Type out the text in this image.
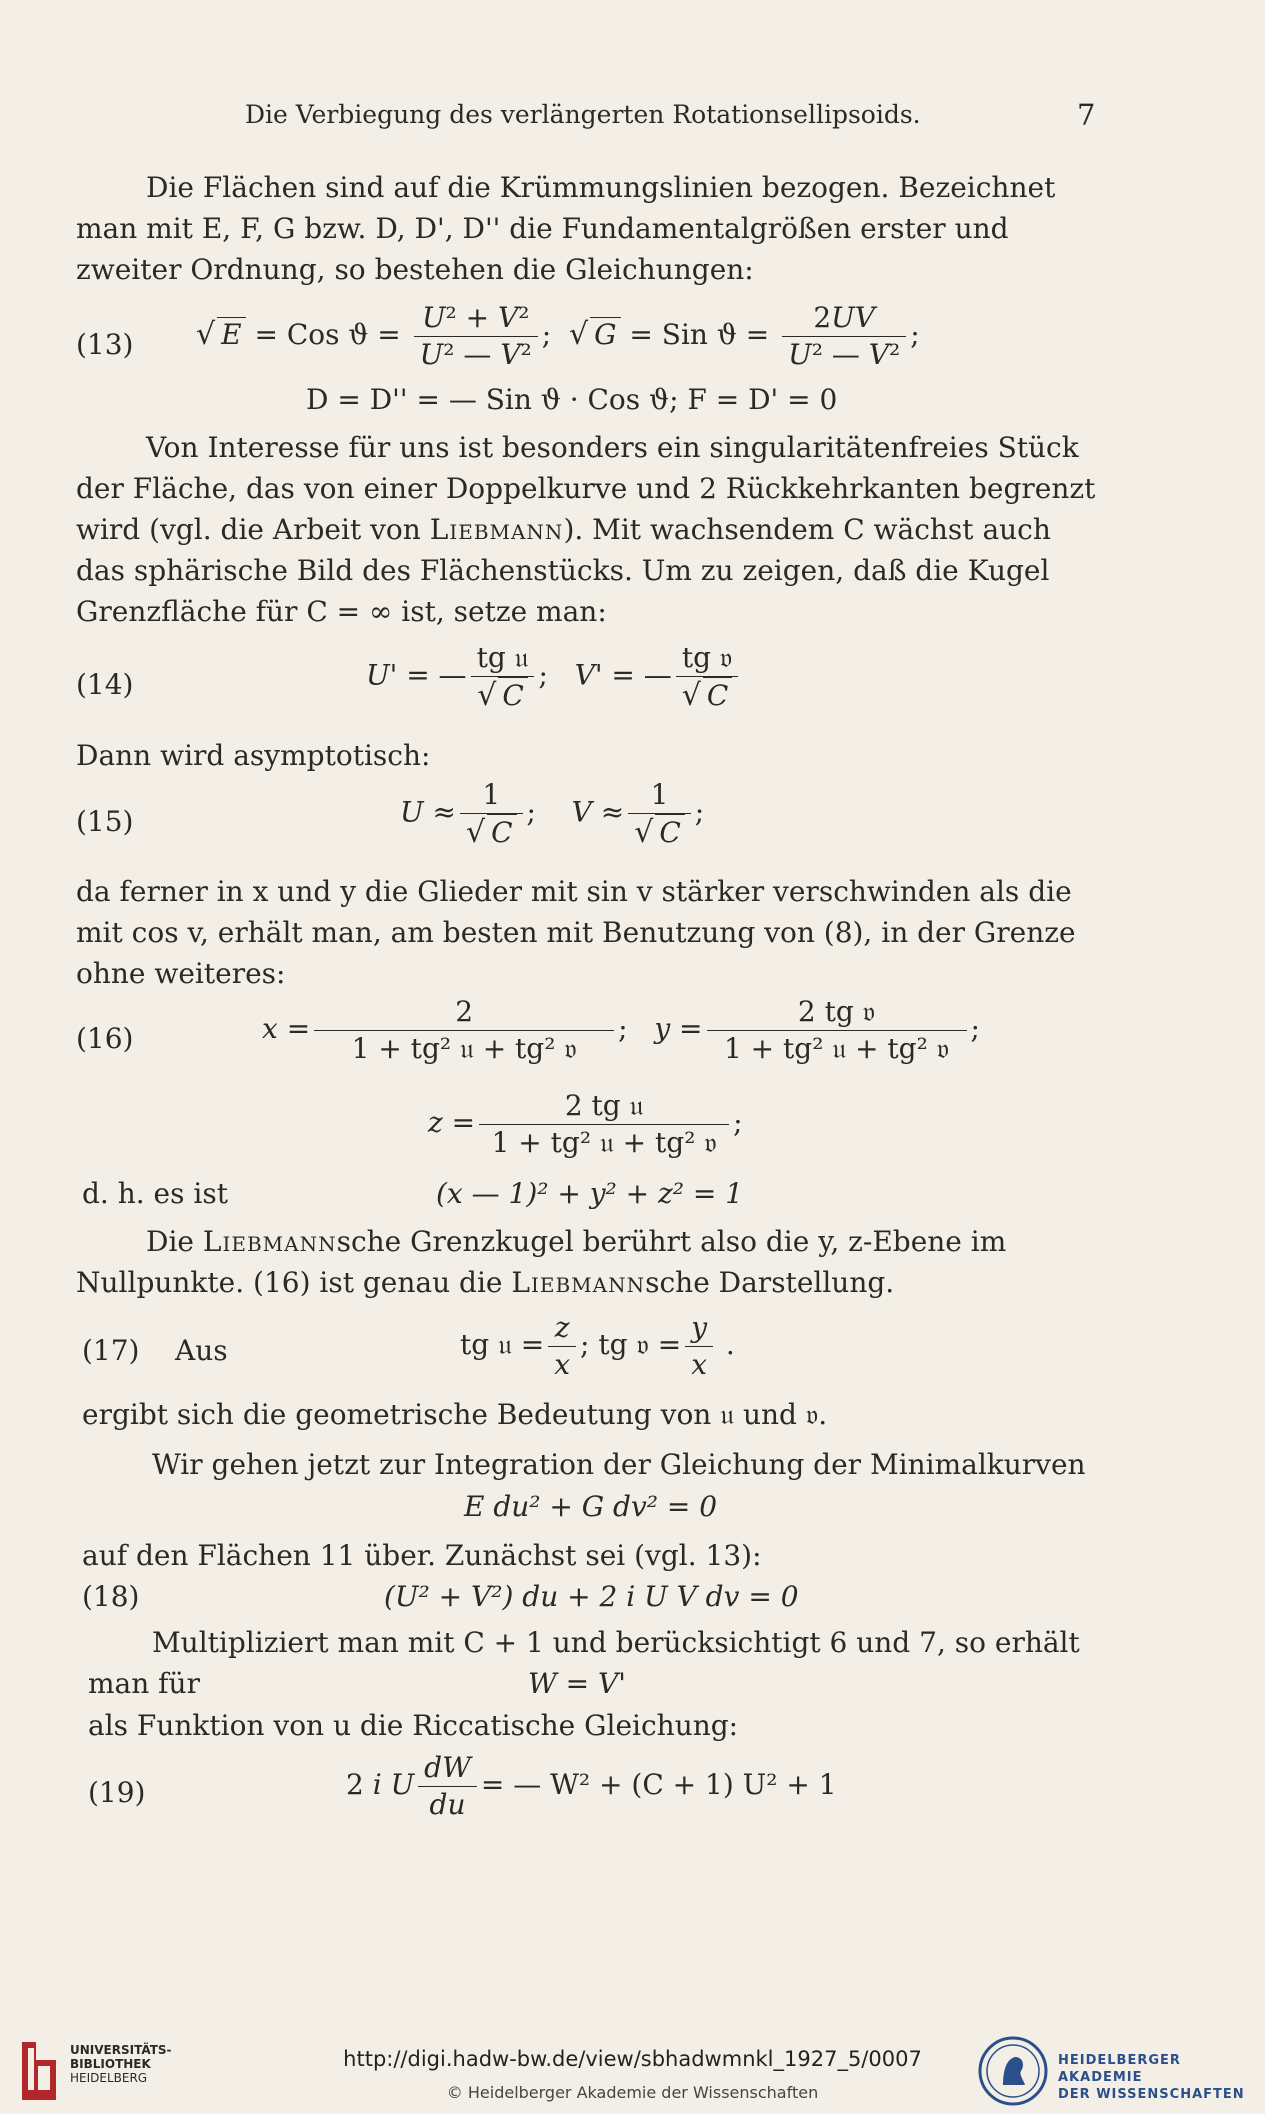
Die Verbiegung des verlängerten Rotationsellipsoids.	7
Die Flächen sind auf die Krümmungslinien bezogen. Bezeichnet man mit E, F, G bzw. D, D', D'' die Fundamentalgrößen erster und zweiter Ordnung, so bestehen die Gleichungen:
(13) √ E = Cos $ϑ = \frac{\text{U² + V²}}{\text{U² — V²}}$ ;  √ G = Sin $ϑ = \frac{2UV}{\text{U² — V²}}$ ;
D = D'' = — Sin ϑ · Cos ϑ; F = D' = 0
Von Interesse für uns ist besonders ein singularitätenfreies Stück der Fläche, das von einer Doppelkurve und 2 Rückkehrkanten begrenzt wird (vgl. die Arbeit von Liebmann). Mit wachsendem C wächst auch das sphärische Bild des Flächenstücks. Um zu zeigen, daß die Kugel Grenzfläche für C = ∞ ist, setze man:
(14)	U' = — $\frac{\text{tg 𝔲}}{√ C}$ ;   V' = — $\frac{\text{tg 𝔳}}{√ C}$
Dann wird asymptotisch:
(15)	$U \approx \frac{1}{√ C}$ ;    $V \approx \frac{1}{√ C}$ ;
da ferner in x und y die Glieder mit sin v stärker verschwinden als die mit cos v, erhält man, am besten mit Benutzung von (8), in der Grenze ohne weiteres:
(16)	$x = \frac{2}{\text{1 + tg² 𝔲 + tg² 𝔳}}$ ;   $y = \frac{\text{2 tg 𝔳}}{\text{1 + tg² 𝔲 + tg² 𝔳}}$ ;
$z = \frac{\text{2 tg 𝔲}}{\text{1 + tg² 𝔲 + tg² 𝔳}}$ ;
d. h. es ist	(x — 1)² + y² + z² = 1
Die Liebmannsche Grenzkugel berührt also die y, z-Ebene im Nullpunkte. (16) ist genau die Liebmannsche Darstellung.
(17) Aus	tg 𝔲 = $\frac{z}{x}$ ; tg 𝔳 = $\frac{y}{x}$ .
ergibt sich die geometrische Bedeutung von 𝔲 und 𝔳.
Wir gehen jetzt zur Integration der Gleichung der Minimalkurven
E du² + G dv² = 0
auf den Flächen 11 über. Zunächst sei (vgl. 13):
(18)	(U² + V²) du + 2 i U V dv = 0
Multipliziert man mit C + 1 und berücksichtigt 6 und 7, so erhält
man für	W = V'
als Funktion von u die Riccatische Gleichung:
(19)	2 i U $\frac{dW}{du}$ = — W² + (C + 1) U² + 1
UNIVERSITÄTS-
BIBLIOTHEK
HEIDELBERG
http://digi.hadw-bw.de/view/sbhadwmnkl_1927_5/0007
© Heidelberger Akademie der Wissenschaften
HEIDELBERGER AKADEMIE
DER WISSENSCHAFTEN
